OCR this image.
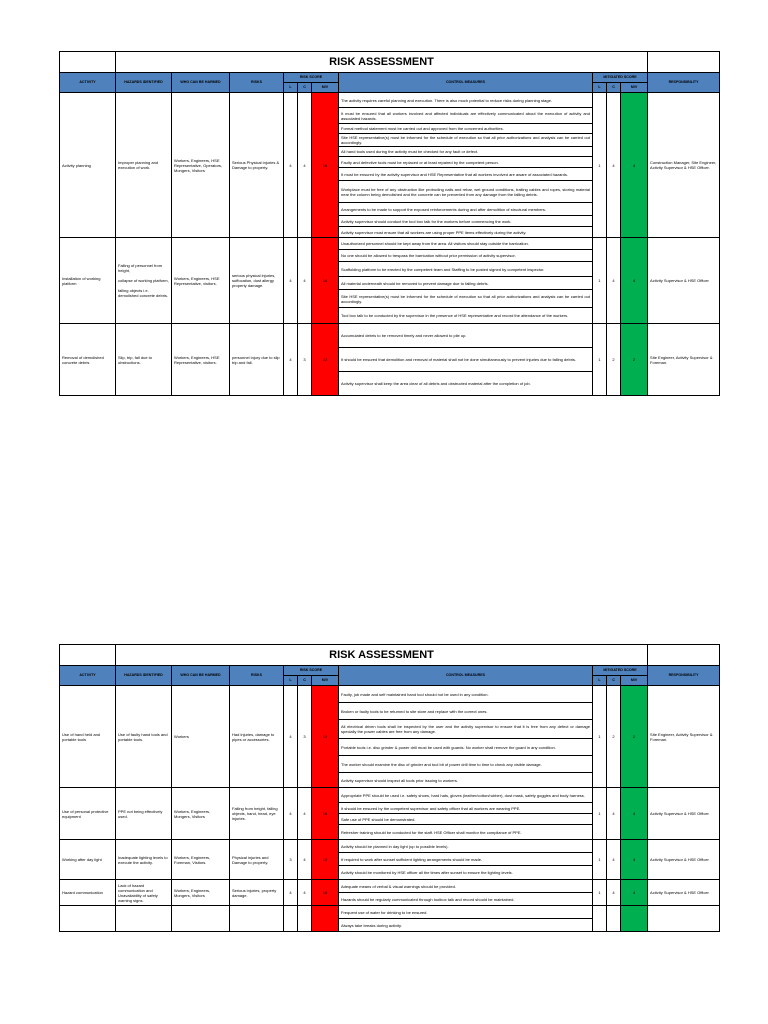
	RISK ASSESSMENT										
ACTIVITY	HAZARDS IDENTIFIED	WHO CAN BE HARMED	RISKS	RISK SCORE			CONTROL MEASURES	MITIGATED SCORE			RESPONSIBILITY
				L	C	M/V		L	C	M/V	
Activity planning	Improper planning and execution of work.	Workers, Engineers, HSE Representative, Operators, Mongers, Visitors	Serious Physical injuries & Damage to property.	4	4	16	The activity requires careful planning and execution. There is also much potential to reduce risks during planning stage.	1	4	4	Construction Manager, Site Engineer, Activity Supervisor & HSE Officer.
							It must be ensured that all workers involved and affected individuals are effectively communicated about the execution of activity and associated hazards.				
							Formal method statement must be carried out and approved from the concerned authorities.				
							Site HSE representative(s) must be informed for the schedule of execution so that all prior authorizations and analysis can be carried out accordingly.				
							All hand tools used during the activity must be checked for any fault or defect.				
							Faulty and defective tools must be replaced or at least repaired by the competent person.				
							It must be ensured by the activity supervisor and HSE Representative that all workers involved are aware of associated hazards.				
							Workplace must be free of any obstruction like protruding nails and rebar, wet ground conditions, trailing cables and ropes, storing material near the column being demolished and the concrete can be prevented from any damage from the falling debris.				
							Arrangements to be made to support the exposed reinforcements during and after demolition of structural members.				
							Activity supervisor should conduct the tool box talk for the workers before commencing the work.				
							Activity supervisor must ensure that all workers are using proper PPE items effectively during the activity.				
Installation of working platform	Falling of personnel from height,

collapse of working platform,

falling objects i.e. demolished concrete debris.	Workers, Engineers, HSE Representative, visitors.	serious physical injuries, suffocation, dust allergy property damage.	4	4	16	Unauthorized personnel should be kept away from the area. All visitors should stay outside the barrication.	1	4	4	Activity Supervisor & HSE Officer
							No one should be allowed to trespass the barrication without prior permission of activity supervisor.				
							Scaffolding platform to be erected by the competent team and Staffing to be posted signed by competent inspector.				
							All material underneath should be removed to prevent damage due to falling debris.				
							Site HSE representative(s) must be informed for the schedule of execution so that all prior authorizations and analysis can be carried out accordingly.				
							Tool box talk to be conducted by the supervisor in the presence of HSE representative and record the attendance of the workers.				
Removal of demolished concrete debris	Slip, trip, fall due to obstructions.	Workers, Engineers, HSE Representative, visitors.	personnel injury due to slip trip and fall.	4	3	12	Accumulated debris to be removed timely and never allowed to pile up.	1	2	2	Site Engineer, Activity Supervisor & Foreman.
							It should be ensured that demolition and removal of material shall not be done simultaneously to prevent injuries due to falling debris.				
							Activity supervisor shall keep the area clear of all debris and obstructed material after the completion of job.				
	RISK ASSESSMENT										
ACTIVITY	HAZARDS IDENTIFIED	WHO CAN BE HARMED	RISKS	RISK SCORE			CONTROL MEASURES	MITIGATED SCORE			RESPONSIBILITY
				L	C	M/V		L	C	M/V	
Use of hand held and portable tools	Use of faulty hand tools and portable tools.	Workers	Had injuries, damage to pipes or accessories.	4	3	12	Faulty, job made and self maintained hand tool should not be used in any condition.	1	2	2	Site Engineer, Activity Supervisor & Foreman.
							Broken or faulty tools to be returned to site store and replace with the correct ones.				
							All electrical driven tools shall be inspected by the user and the activity supervisor to ensure that it is free from any defect or damage specially the power cables are free from any damage.				
							Portable tools i.e. disc grinder & power drill must be used with guards. No worker shall remove the guard in any condition.				
							The worker should examine the disc of grinder and tool bit of power drill time to time to check any visible damage.				
							Activity supervisor should inspect all tools prior issuing to workers.				
Use of personal protective equipment	PPE not being effectively used.	Workers, Engineers, Mongers, Visitors	Falling from height, falling objects, hand, head, eye injuries.	4	4	16	Appropriate PPE should be used i.e. safety shoes, hard hats, gloves (leather/cotton/rubber), dust mask, safety goggles and body harness.	1	4	4	Activity Supervisor & HSE Officer
							It should be ensured by the competent supervisor and safety officer that all workers are wearing PPE.				
							Safe use of PPE should be demonstrated.				
							Refresher training should be conducted for the staff. HSE Officer shall monitor the compliance of PPE.				
Working after day light	Inadequate lighting levels to execute the activity.	Workers, Engineers, Foreman, Visitors.	Physical injuries and Damage to property.	3	4	12	Activity should be planned in day light (up to possible levels).	1	4	4	Activity Supervisor & HSE Officer
							If required to work after sunset sufficient lighting arrangements should be made.				
							Activity should be monitored by HSE officer all the times after sunset to ensure the lighting levels.				
Hazard communication	Lack of hazard communication and Unavailability of safety warning signs.	Workers, Engineers, Mongers, Visitors	Serious injuries, property damage.	4	4	16	Adequate means of verbal & visual warnings should be provided.	1	4	4	Activity Supervisor & HSE Officer
							Hazards should be regularly communicated through toolbox talk and record should be maintained.				
							Frequent use of water for drinking to be ensured.				
							Always take breaks during activity.				
